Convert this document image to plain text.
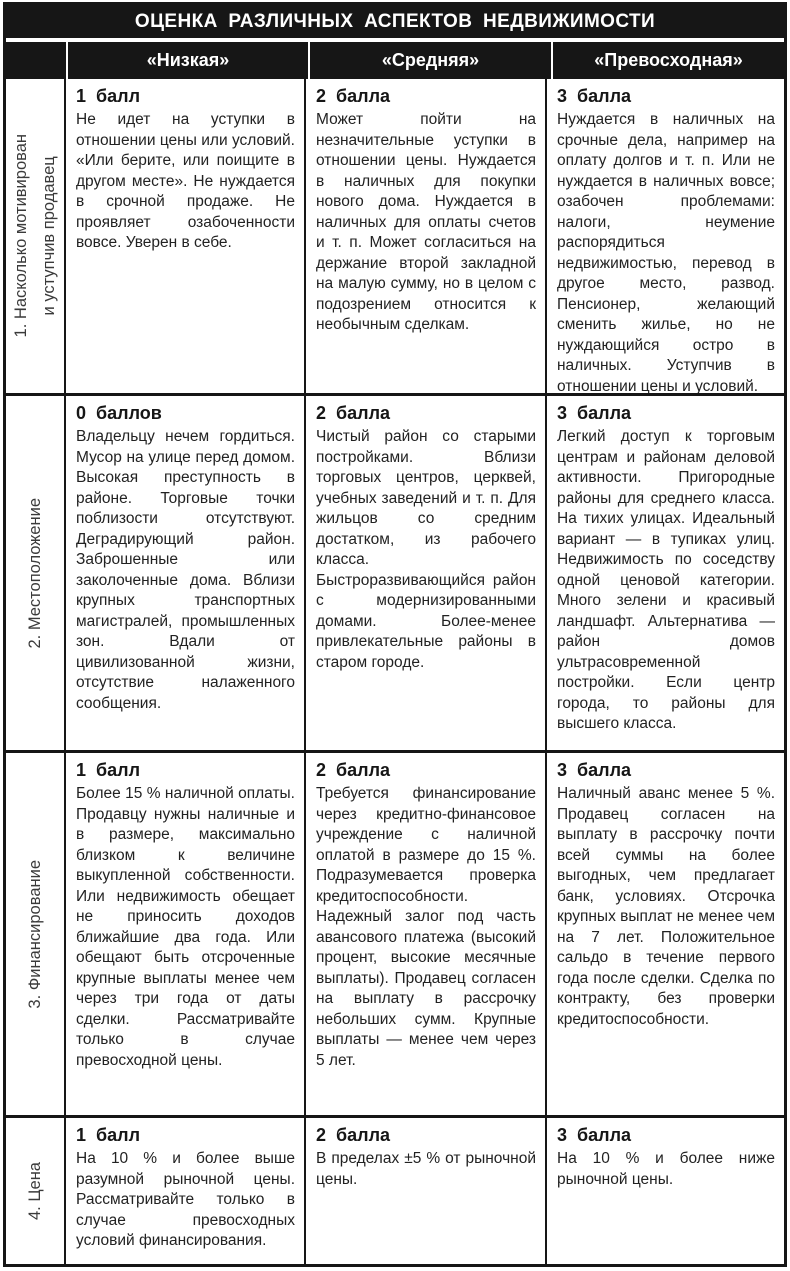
ОЦЕНКА РАЗЛИЧНЫХ АСПЕКТОВ НЕДВИЖИМОСТИ
«Низкая»	«Средняя»	«Превосходная»
1. Насколько мотивирован и уступчив продавец
1 балл
Не идет на уступки в отношении цены или условий. «Или берите, или поищите в другом месте». Не нуждается в срочной продаже. Не проявляет озабоченности вовсе. Уверен в себе.
2 балла
Может пойти на незначительные уступки в отношении цены. Нуждается в наличных для покупки нового дома. Нуждается в наличных для оплаты счетов и т. п. Может согласиться на держание второй закладной на малую сумму, но в целом с подозрением относится к необычным сделкам.
3 балла
Нуждается в наличных на срочные дела, например на оплату долгов и т. п. Или не нуждается в наличных вовсе; озабочен проблемами: налоги, неумение распорядиться недвижимостью, перевод в другое место, развод. Пенсионер, желающий сменить жилье, но не нуждающийся остро в наличных. Уступчив в отношении цены и условий.
2. Местоположение
0 баллов
Владельцу нечем гордиться. Мусор на улице перед домом. Высокая преступность в районе. Торговые точки поблизости отсутствуют. Деградирующий район. Заброшенные или заколоченные дома. Вблизи крупных транспортных магистралей, промышленных зон. Вдали от цивилизованной жизни, отсутствие налаженного сообщения.
2 балла
Чистый район со старыми постройками. Вблизи торговых центров, церквей, учебных заведений и т. п. Для жильцов со средним достатком, из рабочего класса. Быстроразвивающийся район с модернизированными домами. Более-менее привлекательные районы в старом городе.
3 балла
Легкий доступ к торговым центрам и районам деловой активности. Пригородные районы для среднего класса. На тихих улицах. Идеальный вариант — в тупиках улиц. Недвижимость по соседству одной ценовой категории. Много зелени и красивый ландшафт. Альтернатива — район домов ультрасовременной постройки. Если центр города, то районы для высшего класса.
3. Финансирование
1 балл
Более 15 % наличной оплаты. Продавцу нужны наличные и в размере, максимально близком к величине выкупленной собственности. Или недвижимость обещает не приносить доходов ближайшие два года. Или обещают быть отсроченные крупные выплаты менее чем через три года от даты сделки. Рассматривайте только в случае превосходной цены.
2 балла
Требуется финансирование через кредитно-финансовое учреждение с наличной оплатой в размере до 15 %. Подразумевается проверка кредитоспособности. Надежный залог под часть авансового платежа (высокий процент, высокие месячные выплаты). Продавец согласен на выплату в рассрочку небольших сумм. Крупные выплаты — менее чем через 5 лет.
3 балла
Наличный аванс менее 5 %. Продавец согласен на выплату в рассрочку почти всей суммы на более выгодных, чем предлагает банк, условиях. Отсрочка крупных выплат не менее чем на 7 лет. Положительное сальдо в течение первого года после сделки. Сделка по контракту, без проверки кредитоспособности.
4. Цена
1 балл
На 10 % и более выше разумной рыночной цены. Рассматривайте только в случае превосходных условий финансирования.
2 балла
В пределах ±5 % от рыночной цены.
3 балла
На 10 % и более ниже рыночной цены.
